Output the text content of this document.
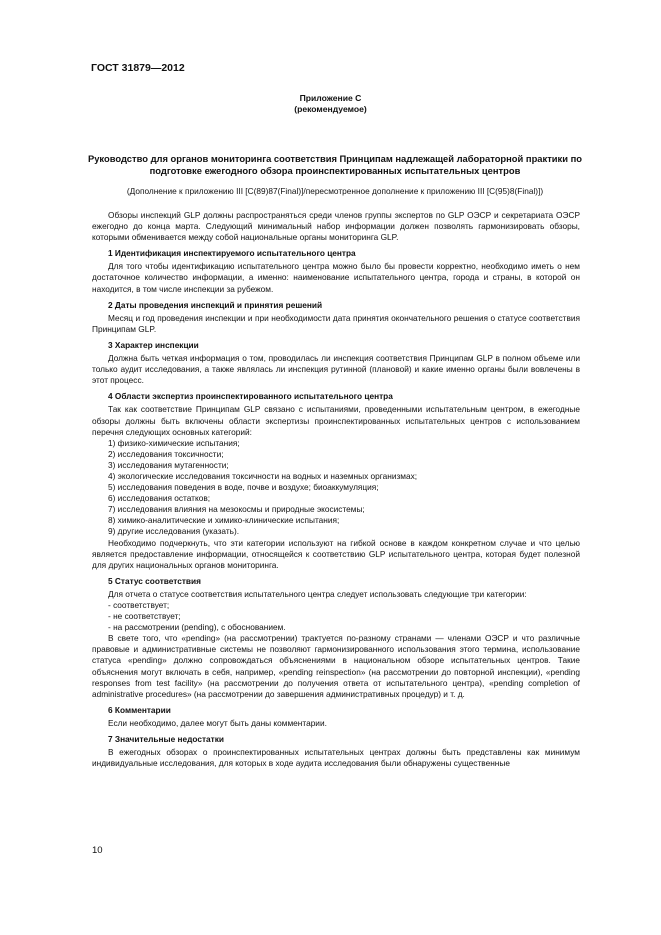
ГОСТ 31879—2012
Приложение С
(рекомендуемое)
Руководство для органов мониторинга соответствия Принципам надлежащей лабораторной практики по подготовке ежегодного обзора проинспектированных испытательных центров
(Дополнение к приложению III [С(89)87(Final)]/пересмотренное дополнение к приложению III [С(95)8(Final)])

Обзоры инспекций GLP должны распространяться среди членов группы экспертов по GLP ОЭСР и секретариата ОЭСР ежегодно до конца марта. Следующий минимальный набор информации должен позволять гармонизировать обзоры, которыми обменивается между собой национальные органы мониторинга GLP.

1 Идентификация инспектируемого испытательного центра

Для того чтобы идентификацию испытательного центра можно было бы провести корректно, необходимо иметь о нем достаточное количество информации, а именно: наименование испытательного центра, города и страны, в которой он находится, в том числе инспекции за рубежом.

2 Даты проведения инспекций и принятия решений

Месяц и год проведения инспекции и при необходимости дата принятия окончательного решения о статусе соответствия Принципам GLP.

3 Характер инспекции

Должна быть четкая информация о том, проводилась ли инспекция соответствия Принципам GLP в полном объеме или только аудит исследования, а также являлась ли инспекция рутинной (плановой) и какие именно органы были вовлечены в этот процесс.

4 Области экспертиз проинспектированного испытательного центра

Так как соответствие Принципам GLP связано с испытаниями, проведенными испытательным центром, в ежегодные обзоры должны быть включены области экспертизы проинспектированных испытательных центров с использованием перечня следующих основных категорий:

1) физико-химические испытания;
2) исследования токсичности;
3) исследования мутагенности;
4) экологические исследования токсичности на водных и наземных организмах;
5) исследования поведения в воде, почве и воздухе; биоаккумуляция;
6) исследования остатков;
7) исследования влияния на мезокосмы и природные экосистемы;
8) химико-аналитические и химико-клинические испытания;
9) другие исследования (указать).

Необходимо подчеркнуть, что эти категории используют на гибкой основе в каждом конкретном случае и что целью является предоставление информации, относящейся к соответствию GLP испытательного центра, которая будет полезной для других национальных органов мониторинга.

5 Статус соответствия

Для отчета о статусе соответствия испытательного центра следует использовать следующие три категории:

- соответствует;
- не соответствует;
- на рассмотрении (pending), с обоснованием.

В свете того, что «pending» (на рассмотрении) трактуется по-разному странами — членами ОЭСР и что различные правовые и административные системы не позволяют гармонизированного использования этого термина, использование статуса «pending» должно сопровождаться объяснениями в национальном обзоре испытательных центров. Такие объяснения могут включать в себя, например, «pending reinspection» (на рассмотрении до повторной инспекции), «pending responses from test facility» (на рассмотрении до получения ответа от испытательного центра), «pending completion of administrative procedures» (на рассмотрении до завершения административных процедур) и т. д.

6 Комментарии

Если необходимо, далее могут быть даны комментарии.

7 Значительные недостатки

В ежегодных обзорах о проинспектированных испытательных центрах должны быть представлены как минимум индивидуальные исследования, для которых в ходе аудита исследования были обнаружены существенные

10
